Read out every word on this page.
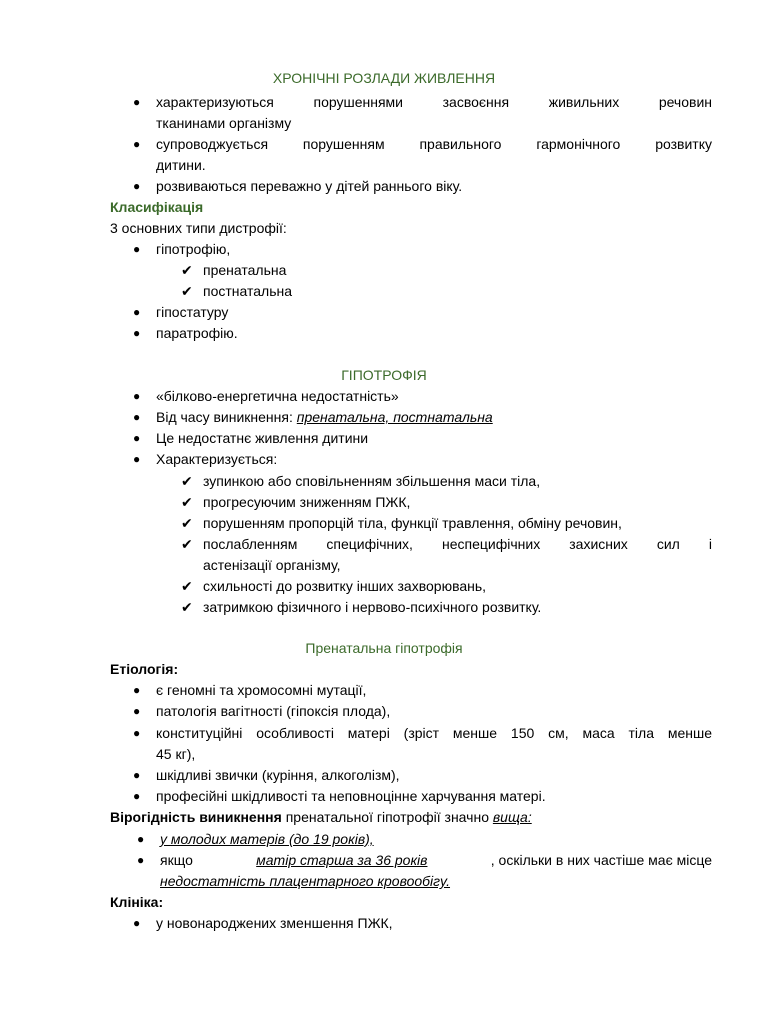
ХРОНІЧНІ РОЗЛАДИ ЖИВЛЕННЯ
● характеризуються порушеннями засвоєння живильних речовин
тканинами організму
● супроводжується порушенням правильного гармонічного розвитку
дитини.
● розвиваються переважно у дітей раннього віку.
Класифікація
3 основних типи дистрофії:
● гіпотрофію,
✔ пренатальна
✔ постнатальна
● гіпостатуру
● паратрофію.
ГІПОТРОФІЯ
● «білково-енергетична недостатність»
● Від часу виникнення: пренатальна, постнатальна
● Це недостатнє живлення дитини
● Характеризується:
✔ зупинкою або сповільненням збільшення маси тіла,
✔ прогресуючим зниженням ПЖК,
✔ порушенням пропорцій тіла, функції травлення, обміну речовин,
✔ послабленням специфічних, неспецифічних захисних сил і
астенізації організму,
✔ схильності до розвитку інших захворювань,
✔ затримкою фізичного і нервово-психічного розвитку.
Пренатальна гіпотрофія
Етіологія:
● є геномні та хромосомні мутації,
● патологія вагітності (гіпоксія плода),
● конституційні особливості матері (зріст менше 150 см, маса тіла менше
45 кг),
● шкідливі звички (куріння, алкоголізм),
● професійні шкідливості та неповноцінне харчування матері.
Вірогідність виникнення пренатальної гіпотрофії значно вища:
● у молодих матерів (до 19 років),
● якщо	матір старша за 36 років	, оскільки в них частіше має місце
недостатність плацентарного кровообігу.
Клініка:
● у новонароджених зменшення ПЖК,
